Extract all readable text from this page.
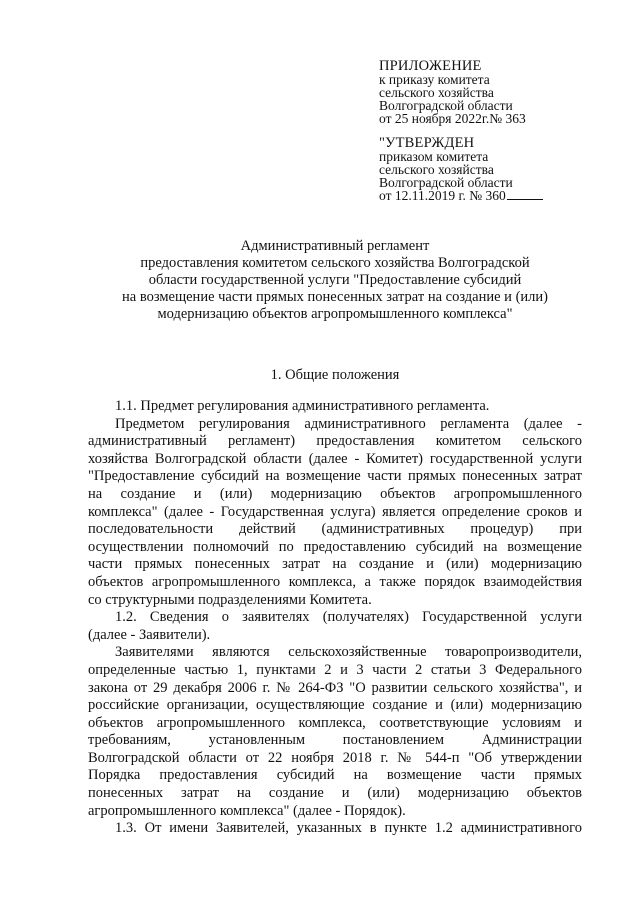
ПРИЛОЖЕНИЕ
к приказу комитета
сельского хозяйства
Волгоградской области
от 25 ноября 2022г.№ 363
"УТВЕРЖДЕН
приказом комитета
сельского хозяйства
Волгоградской области
от 12.11.2019 г. № 360
Административный регламент
предоставления комитетом сельского хозяйства Волгоградской
области государственной услуги "Предоставление субсидий
на возмещение части прямых понесенных затрат на создание и (или)
модернизацию объектов агропромышленного комплекса"
1. Общие положения
1.1. Предмет регулирования административного регламента.
Предметом регулирования административного регламента (далее -
административный регламент) предоставления комитетом сельского
хозяйства Волгоградской области (далее - Комитет) государственной услуги
"Предоставление субсидий на возмещение части прямых понесенных затрат
на создание и (или) модернизацию объектов агропромышленного
комплекса" (далее - Государственная услуга) является определение сроков и
последовательности действий (административных процедур) при
осуществлении полномочий по предоставлению субсидий на возмещение
части прямых понесенных затрат на создание и (или) модернизацию
объектов агропромышленного комплекса, а также порядок взаимодействия
со структурными подразделениями Комитета.
1.2. Сведения о заявителях (получателях) Государственной услуги
(далее - Заявители).
Заявителями являются сельскохозяйственные товаропроизводители,
определенные частью 1, пунктами 2 и 3 части 2 статьи 3 Федерального
закона от 29 декабря 2006 г. № 264-ФЗ "О развитии сельского хозяйства", и
российские организации, осуществляющие создание и (или) модернизацию
объектов агропромышленного комплекса, соответствующие условиям и
требованиям, установленным постановлением Администрации
Волгоградской области от 22 ноября 2018 г. № 544-п "Об утверждении
Порядка предоставления субсидий на возмещение части прямых
понесенных затрат на создание и (или) модернизацию объектов
агропромышленного комплекса" (далее - Порядок).
1.3. От имени Заявителей, указанных в пункте 1.2 административного
